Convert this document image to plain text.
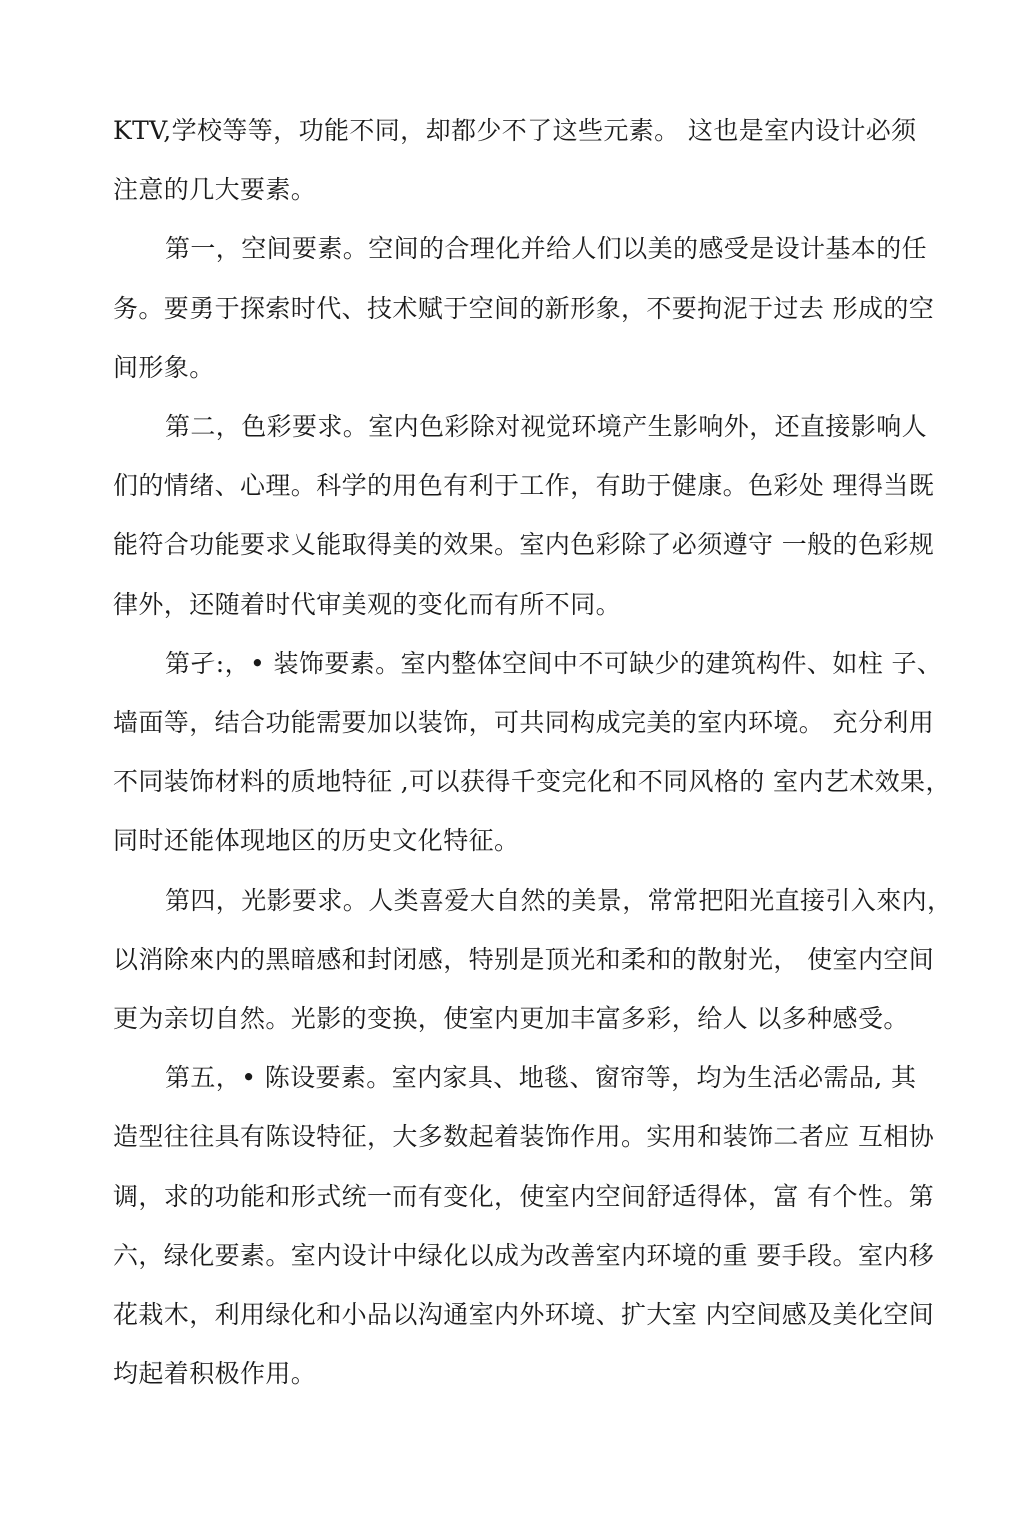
KTV,学校等等，功能不同，却都少不了这些元素。 这也是室内设计必须
注意的几大要素。

第一，空间要素。空间的合理化并给人们以美的感受是设计基本的任
务。要勇于探索时代、技术赋于空间的新形象，不要拘泥于过去 形成的空
间形象。

第二，色彩要求。室内色彩除对视觉环境产生影响外，还直接影响人
们的情绪、心理。科学的用色有利于工作，有助于健康。色彩处 理得当既
能符合功能要求乂能取得美的效果。室内色彩除了必须遵守 一般的色彩规
律外，还随着时代审美观的变化而有所不同。

第孑:，• 装饰要素。室内整体空间中不可缺少的建筑构件、如柱 子、
墙面等，结合功能需要加以装饰，可共同构成完美的室内环境。 充分利用
不同装饰材料的质地特征 ,可以获得千变完化和不同风格的 室内艺术效果，
同时还能体现地区的历史文化特征。

第四，光影要求。人类喜爱大自然的美景，常常把阳光直接引入來内，
以消除來内的黑暗感和封闭感，特别是顶光和柔和的散射光， 使室内空间
更为亲切自然。光影的变换，使室内更加丰富多彩，给人 以多种感受。

第五，• 陈设要素。室内家具、地毯、窗帘等，均为生活必需品, 其
造型往往具有陈设特征，大多数起着装饰作用。实用和装饰二者应 互相协
调，求的功能和形式统一而有变化，使室内空间舒适得体，富 有个性。第
六，绿化要素。室内设计中绿化以成为改善室内环境的重 要手段。室内移
花栽木，利用绿化和小品以沟通室内外环境、扩大室 内空间感及美化空间
均起着积极作用。
